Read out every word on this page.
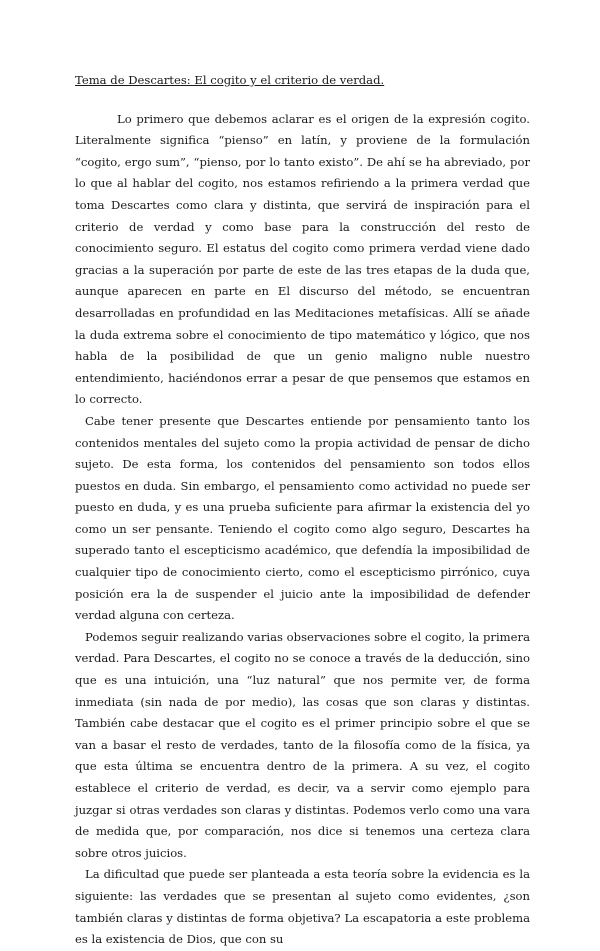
Tema de Descartes: El cogito y el criterio de verdad.

Lo primero que debemos aclarar es el origen de la expresión cogito. Literalmente significa “pienso” en latín, y proviene de la formulación “cogito, ergo sum”, “pienso, por lo tanto existo”. De ahí se ha abreviado, por lo que al hablar del cogito, nos estamos refiriendo a la primera verdad que toma Descartes como clara y distinta, que servirá de inspiración para el criterio de verdad y como base para la construcción del resto de conocimiento seguro. El estatus del cogito como primera verdad viene dado gracias a la superación por parte de este de las tres etapas de la duda que, aunque aparecen en parte en El discurso del método, se encuentran desarrolladas en profundidad en las Meditaciones metafísicas. Allí se añade la duda extrema sobre el conocimiento de tipo matemático y lógico, que nos habla de la posibilidad de que un genio maligno nuble nuestro entendimiento, haciéndonos errar a pesar de que pensemos que estamos en lo correcto.

Cabe tener presente que Descartes entiende por pensamiento tanto los contenidos mentales del sujeto como la propia actividad de pensar de dicho sujeto. De esta forma, los contenidos del pensamiento son todos ellos puestos en duda. Sin embargo, el pensamiento como actividad no puede ser puesto en duda, y es una prueba suficiente para afirmar la existencia del yo como un ser pensante. Teniendo el cogito como algo seguro, Descartes ha superado tanto el escepticismo académico, que defendía la imposibilidad de cualquier tipo de conocimiento cierto, como el escepticismo pirrónico, cuya posición era la de suspender el juicio ante la imposibilidad de defender verdad alguna con certeza.

Podemos seguir realizando varias observaciones sobre el cogito, la primera verdad. Para Descartes, el cogito no se conoce a través de la deducción, sino que es una intuición, una “luz natural” que nos permite ver, de forma inmediata (sin nada de por medio), las cosas que son claras y distintas. También cabe destacar que el cogito es el primer principio sobre el que se van a basar el resto de verdades, tanto de la filosofía como de la física, ya que esta última se encuentra dentro de la primera. A su vez, el cogito establece el criterio de verdad, es decir, va a servir como ejemplo para juzgar si otras verdades son claras y distintas. Podemos verlo como una vara de medida que, por comparación, nos dice si tenemos una certeza clara sobre otros juicios.

La dificultad que puede ser planteada a esta teoría sobre la evidencia es la siguiente: las verdades que se presentan al sujeto como evidentes, ¿son también claras y distintas de forma objetiva? La escapatoria a este problema es la existencia de Dios, que con su
